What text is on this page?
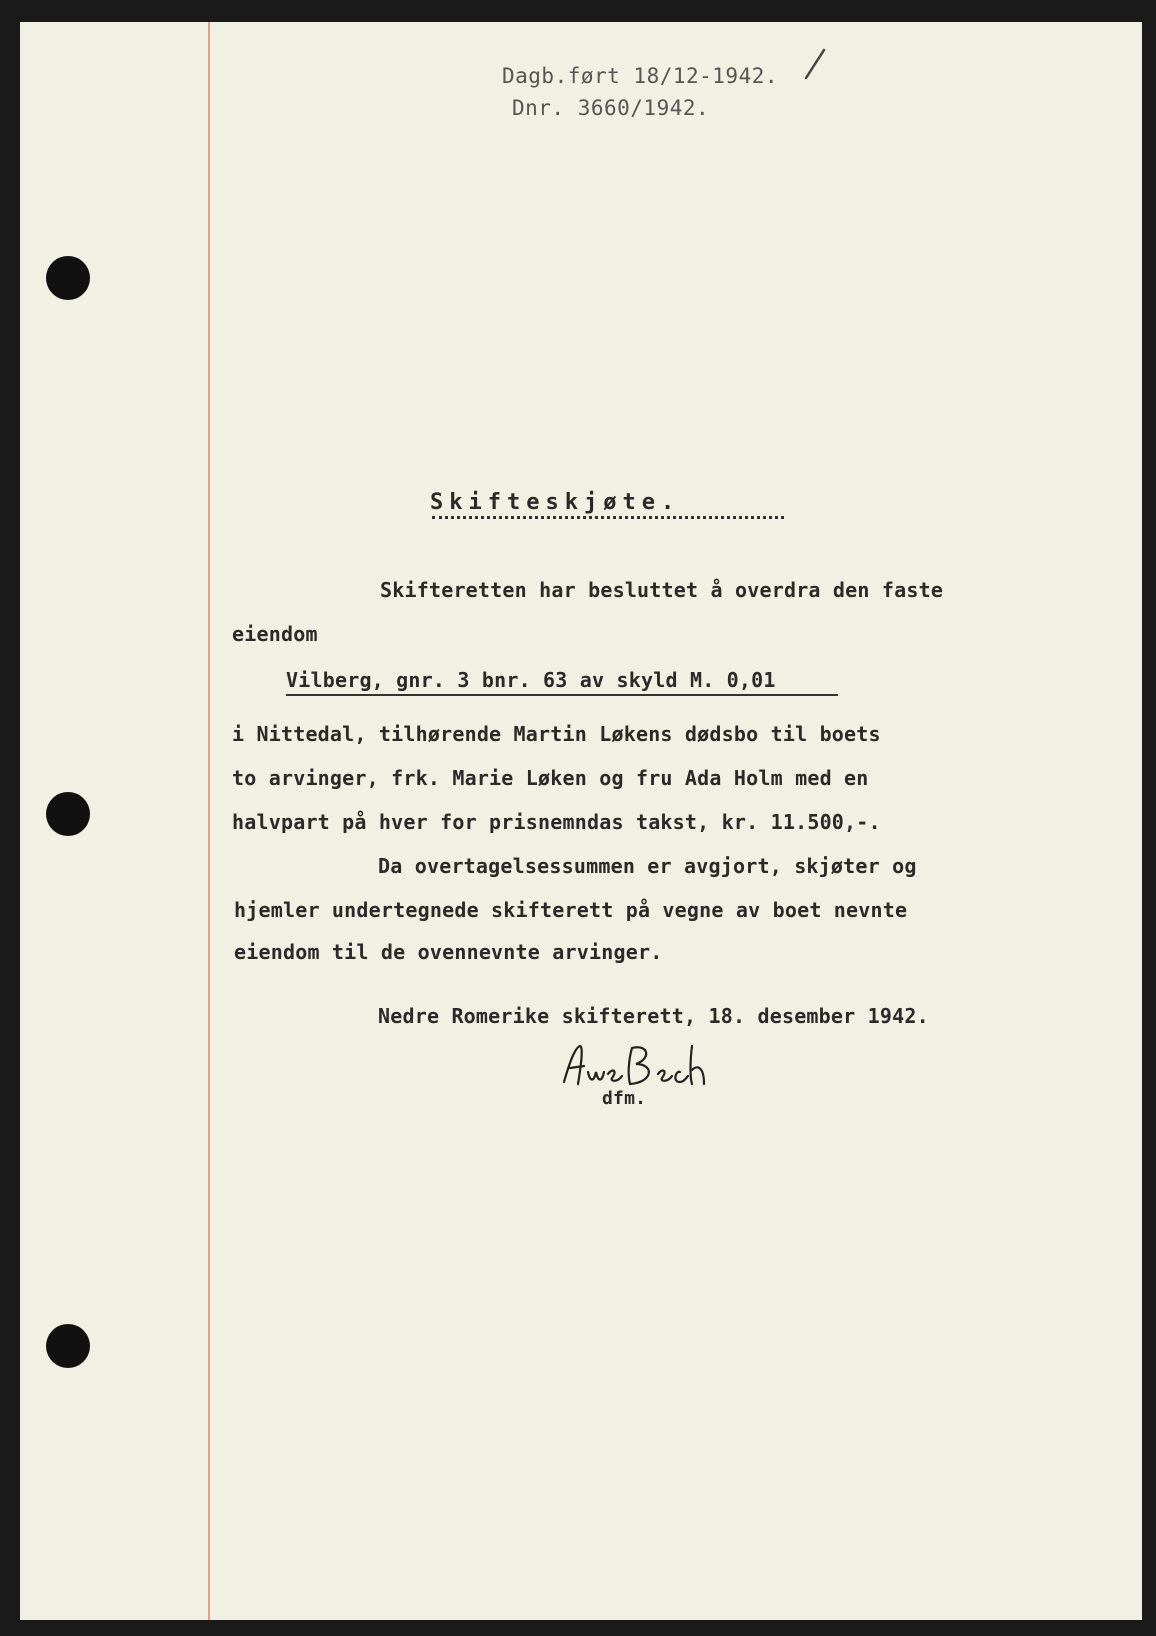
Dagb.ført 18/12-1942.
Dnr. 3660/1942.
Skifteskjøte.
Skifteretten har besluttet å overdra den faste
eiendom
Vilberg, gnr. 3 bnr. 63 av skyld M. 0,01
i Nittedal, tilhørende Martin Løkens dødsbo til boets
to arvinger, frk. Marie Løken og fru Ada Holm med en
halvpart på hver for prisnemndas takst, kr. 11.500,-.
Da overtagelsessummen er avgjort, skjøter og
hjemler undertegnede skifterett på vegne av boet nevnte
eiendom til de ovennevnte arvinger.
Nedre Romerike skifterett, 18. desember 1942.
dfm.
